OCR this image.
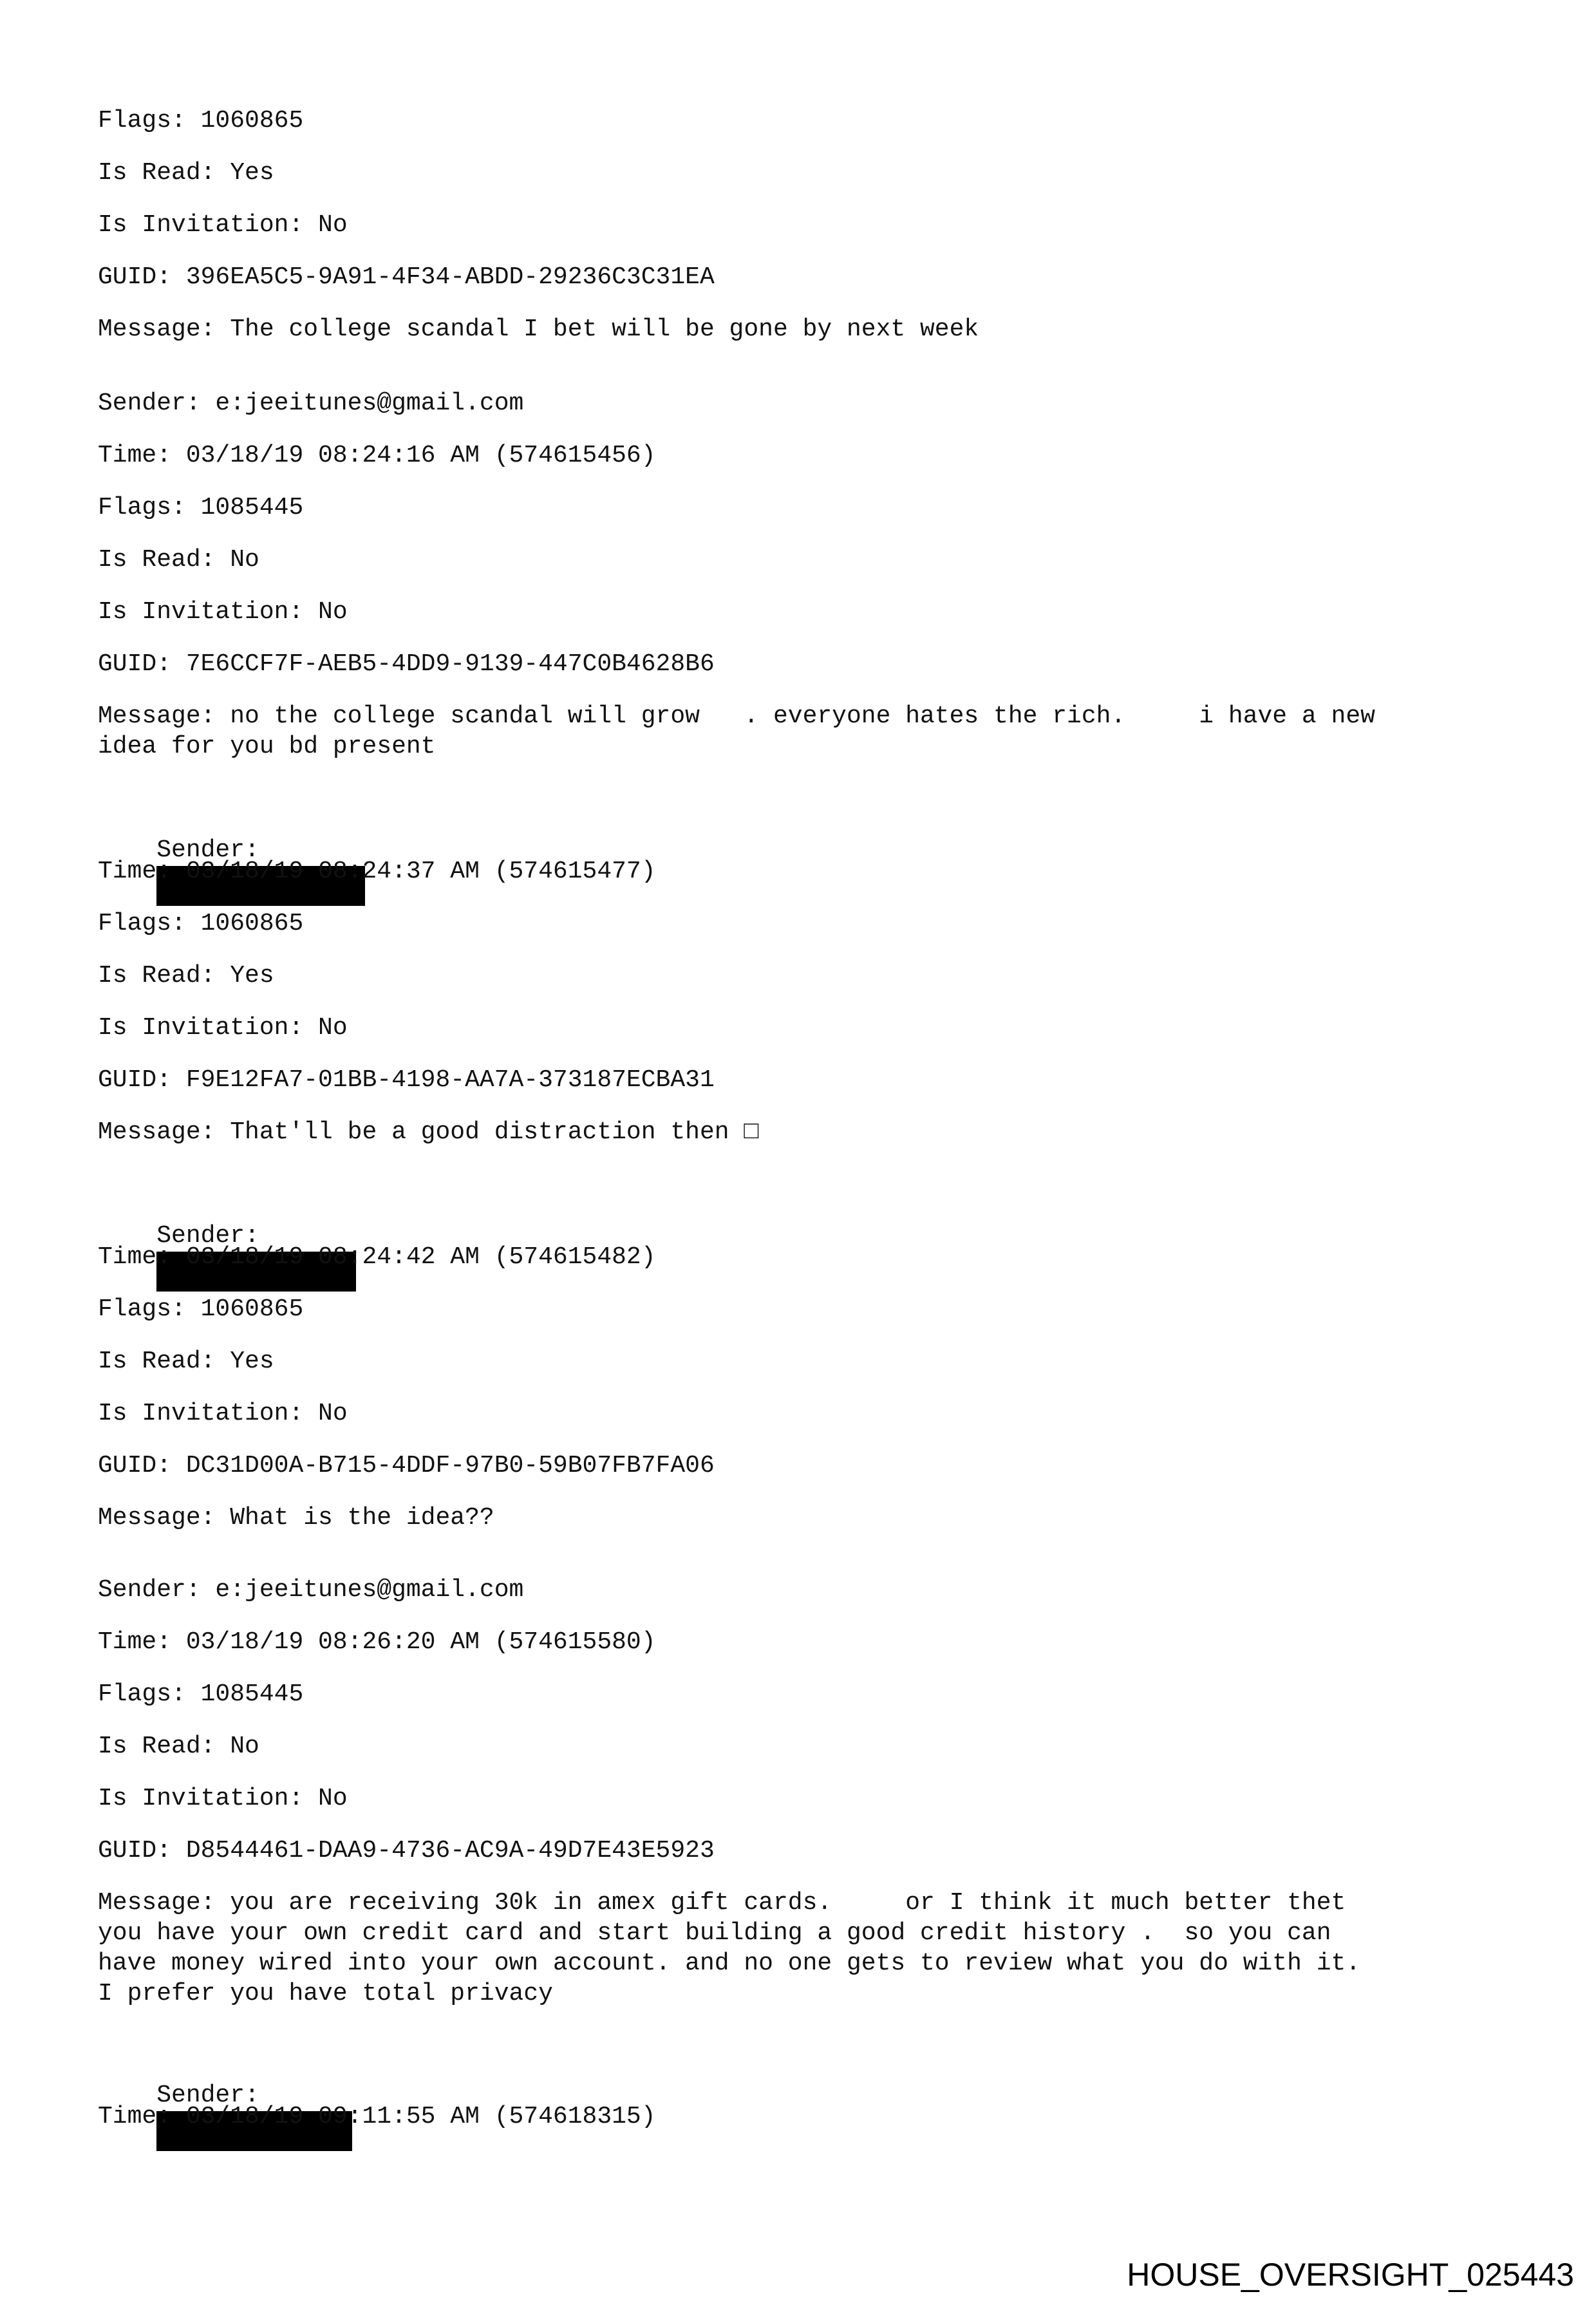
Flags: 1060865

Is Read: Yes

Is Invitation: No

GUID: 396EA5C5-9A91-4F34-ABDD-29236C3C31EA

Message: The college scandal I bet will be gone by next week

Sender: e:jeeitunes@gmail.com

Time: 03/18/19 08:24:16 AM (574615456)

Flags: 1085445

Is Read: No

Is Invitation: No

GUID: 7E6CCF7F-AEB5-4DD9-9139-447C0B4628B6

Message: no the college scandal will grow   . everyone hates the rich.     i have a new
idea for you bd present

Sender:

Time: 03/18/19 08:24:37 AM (574615477)

Flags: 1060865

Is Read: Yes

Is Invitation: No

GUID: F9E12FA7-01BB-4198-AA7A-373187ECBA31

Message: That'll be a good distraction then □

Sender:

Time: 03/18/19 08:24:42 AM (574615482)

Flags: 1060865

Is Read: Yes

Is Invitation: No

GUID: DC31D00A-B715-4DDF-97B0-59B07FB7FA06

Message: What is the idea??

Sender: e:jeeitunes@gmail.com

Time: 03/18/19 08:26:20 AM (574615580)

Flags: 1085445

Is Read: No

Is Invitation: No

GUID: D8544461-DAA9-4736-AC9A-49D7E43E5923

Message: you are receiving 30k in amex gift cards.     or I think it much better thet
you have your own credit card and start building a good credit history .  so you can
have money wired into your own account. and no one gets to review what you do with it.
I prefer you have total privacy

Sender:

Time: 03/18/19 09:11:55 AM (574618315)

HOUSE_OVERSIGHT_025443
